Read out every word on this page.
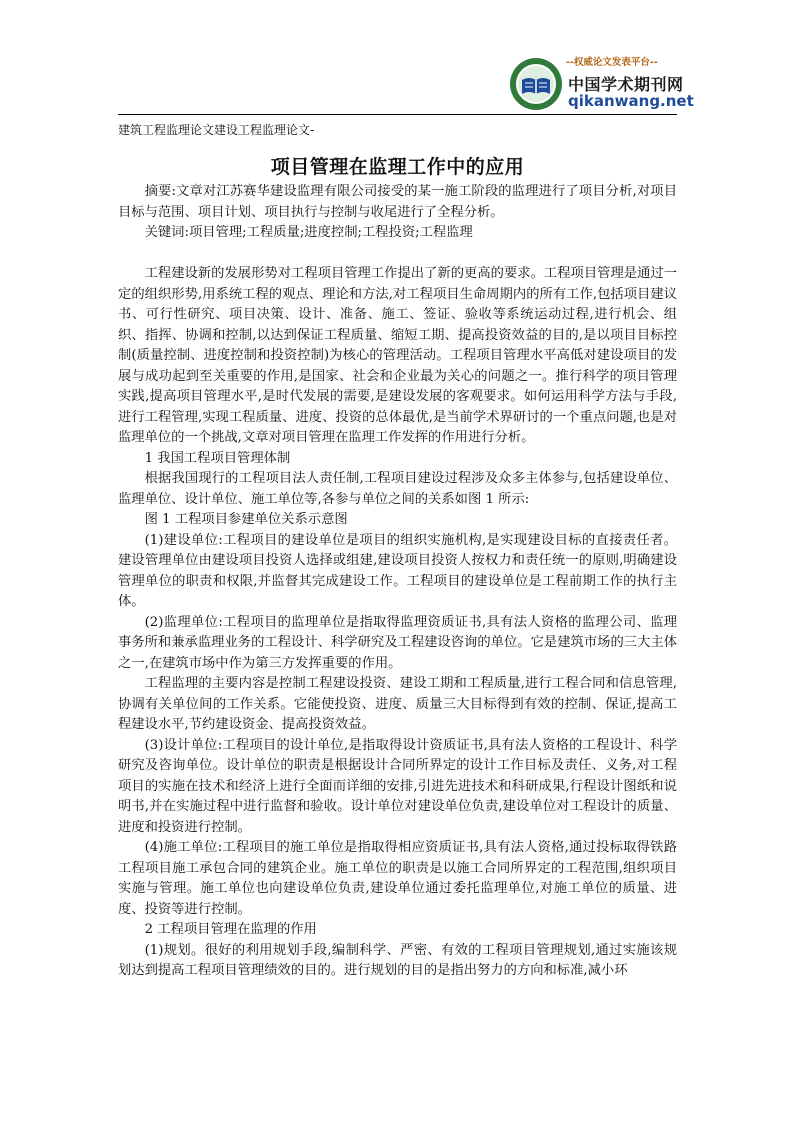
--权威论文发表平台--
中国学术期刊网
qikanwang.net
建筑工程监理论文建设工程监理论文-
项目管理在监理工作中的应用

摘要:文章对江苏赛华建设监理有限公司接受的某一施工阶段的监理进行了项目分析,对项目目标与范围、项目计划、项目执行与控制与收尾进行了全程分析。

关键词:项目管理;工程质量;进度控制;工程投资;工程监理

工程建设新的发展形势对工程项目管理工作提出了新的更高的要求。工程项目管理是通过一定的组织形势,用系统工程的观点、理论和方法,对工程项目生命周期内的所有工作,包括项目建议书、可行性研究、项目决策、设计、准备、施工、签证、验收等系统运动过程,进行机会、组织、指挥、协调和控制,以达到保证工程质量、缩短工期、提高投资效益的目的,是以项目目标控制(质量控制、进度控制和投资控制)为核心的管理活动。工程项目管理水平高低对建设项目的发展与成功起到至关重要的作用,是国家、社会和企业最为关心的问题之一。推行科学的项目管理实践,提高项目管理水平,是时代发展的需要,是建设发展的客观要求。如何运用科学方法与手段,进行工程管理,实现工程质量、进度、投资的总体最优,是当前学术界研讨的一个重点问题,也是对监理单位的一个挑战,文章对项目管理在监理工作发挥的作用进行分析。

1 我国工程项目管理体制

根据我国现行的工程项目法人责任制,工程项目建设过程涉及众多主体参与,包括建设单位、监理单位、设计单位、施工单位等,各参与单位之间的关系如图 1 所示:

图 1 工程项目参建单位关系示意图

(1)建设单位:工程项目的建设单位是项目的组织实施机构,是实现建设目标的直接责任者。建设管理单位由建设项目投资人选择或组建,建设项目投资人按权力和责任统一的原则,明确建设管理单位的职责和权限,并监督其完成建设工作。工程项目的建设单位是工程前期工作的执行主体。

(2)监理单位:工程项目的监理单位是指取得监理资质证书,具有法人资格的监理公司、监理事务所和兼承监理业务的工程设计、科学研究及工程建设咨询的单位。它是建筑市场的三大主体之一,在建筑市场中作为第三方发挥重要的作用。

工程监理的主要内容是控制工程建设投资、建设工期和工程质量,进行工程合同和信息管理,协调有关单位间的工作关系。它能使投资、进度、质量三大目标得到有效的控制、保证,提高工程建设水平,节约建设资金、提高投资效益。

(3)设计单位:工程项目的设计单位,是指取得设计资质证书,具有法人资格的工程设计、科学研究及咨询单位。设计单位的职责是根据设计合同所界定的设计工作目标及责任、义务,对工程项目的实施在技术和经济上进行全面而详细的安排,引进先进技术和科研成果,行程设计图纸和说明书,并在实施过程中进行监督和验收。设计单位对建设单位负责,建设单位对工程设计的质量、进度和投资进行控制。

(4)施工单位:工程项目的施工单位是指取得相应资质证书,具有法人资格,通过投标取得铁路工程项目施工承包合同的建筑企业。施工单位的职责是以施工合同所界定的工程范围,组织项目实施与管理。施工单位也向建设单位负责,建设单位通过委托监理单位,对施工单位的质量、进度、投资等进行控制。

2 工程项目管理在监理的作用

(1)规划。很好的利用规划手段,编制科学、严密、有效的工程项目管理规划,通过实施该规划达到提高工程项目管理绩效的目的。进行规划的目的是指出努力的方向和标准,减小环
